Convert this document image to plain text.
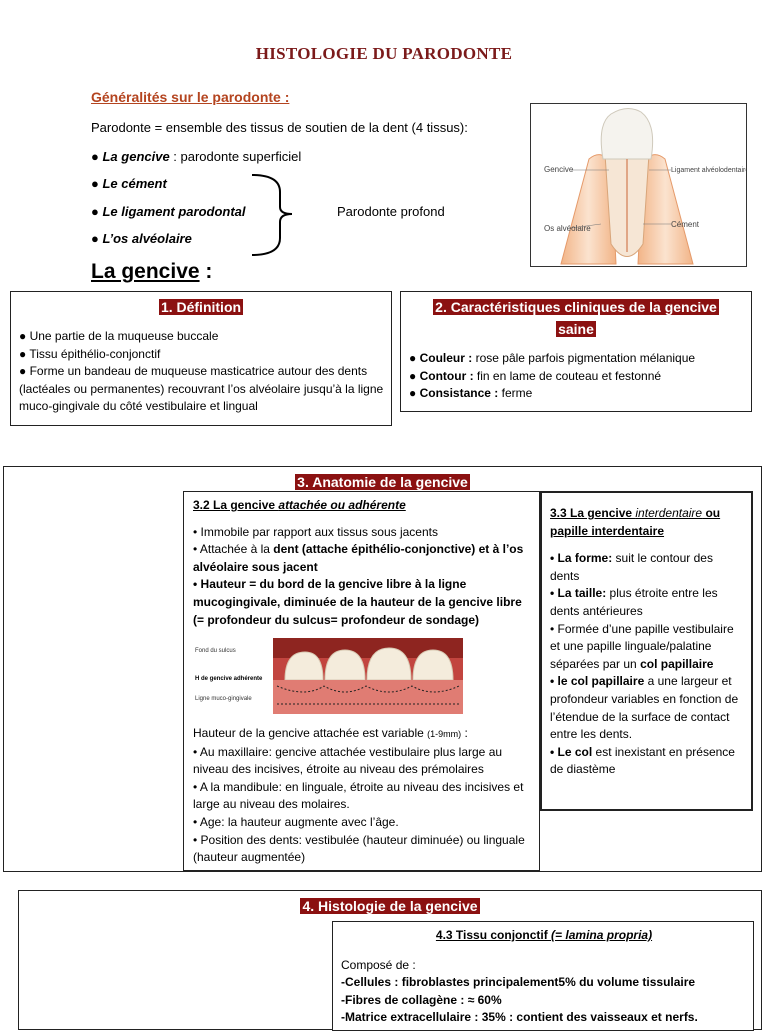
HISTOLOGIE DU PARODONTE
Généralités sur le parodonte :
Parodonte = ensemble des tissus de soutien de la dent (4 tissus):
● La gencive : parodonte superficiel
● Le cément
● Le ligament parodontal
● L’os alvéolaire
Parodonte profond
Gencive	Ligament alvéolodentaire
Os alvéolaire	Cément
La gencive :
1. Définition
● Une partie de la muqueuse buccale
● Tissu épithélio-conjonctif
● Forme un bandeau de muqueuse masticatrice autour des dents (lactéales ou permanentes) recouvrant l’os alvéolaire jusqu’à la ligne muco-gingivale du côté vestibulaire et lingual
2. Caractéristiques cliniques de la gencive
saine
● Couleur : rose pâle parfois pigmentation mélanique
● Contour : fin en lame de couteau et festonné
● Consistance : ferme
3. Anatomie de la gencive
3.2 La gencive attachée ou adhérente
• Immobile par rapport aux tissus sous jacents
• Attachée à la dent (attache épithélio-conjonctive) et à l’os alvéolaire sous jacent
• Hauteur = du bord de la gencive libre à la ligne mucogingivale, diminuée de la hauteur de la gencive libre (= profondeur du sulcus= profondeur de sondage)
Fond du sulcus
H de gencive adhérente
Ligne muco-gingivale
Hauteur de la gencive attachée est variable (1-9mm) :
• Au maxillaire: gencive attachée vestibulaire plus large au niveau des incisives, étroite au niveau des prémolaires
• A la mandibule: en linguale, étroite au niveau des incisives et large au niveau des molaires.
• Age: la hauteur augmente avec l’âge.
• Position des dents: vestibulée (hauteur diminuée) ou linguale (hauteur augmentée)
3.3 La gencive interdentaire ou papille interdentaire
• La forme: suit le contour des dents
• La taille: plus étroite entre les dents antérieures
• Formée d’une papille vestibulaire et une papille linguale/palatine séparées par un col papillaire
• le col papillaire a une largeur et profondeur variables en fonction de l’étendue de la surface de contact entre les dents.
• Le col est inexistant en présence de diastème
4. Histologie de la gencive
4.3 Tissu conjonctif (= lamina propria)
Composé de :
-Cellules : fibroblastes principalement5% du volume tissulaire
-Fibres de collagène : ≈ 60%
-Matrice extracellulaire : 35% : contient des vaisseaux et nerfs.
